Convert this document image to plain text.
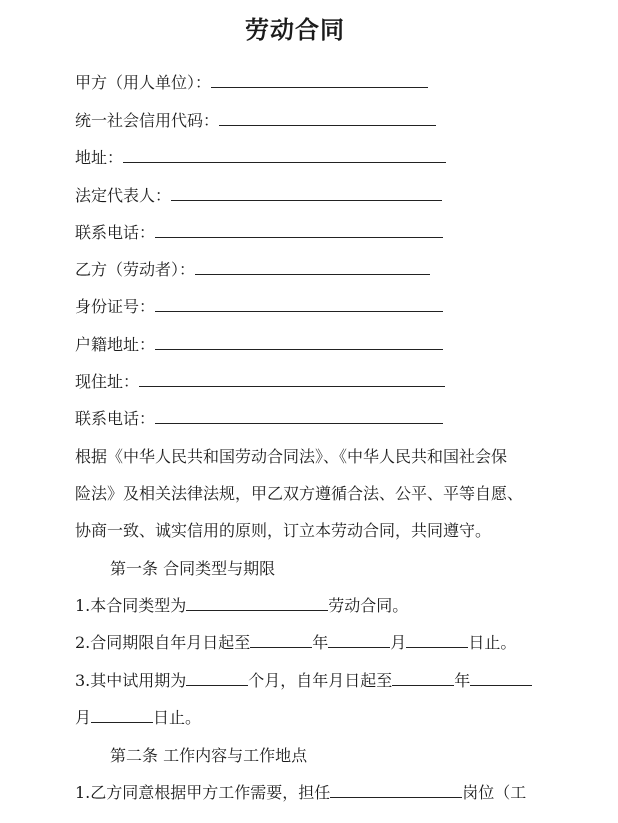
劳动合同
甲方（用人单位）：
统一社会信用代码：
地址：
法定代表人：
联系电话：
乙方（劳动者）：
身份证号：
户籍地址：
现住址：
联系电话：
根据《中华人民共和国劳动合同法》、《中华人民共和国社会保
险法》及相关法律法规，甲乙双方遵循合法、公平、平等自愿、
协商一致、诚实信用的原则，订立本劳动合同，共同遵守。
第一条 合同类型与期限
1.本合同类型为	劳动合同。
2.合同期限自年月日起至	年	月	日止。
3.其中试用期为	个月，自年月日起至	年
月	日止。
第二条 工作内容与工作地点
1.乙方同意根据甲方工作需要，担任	岗位（工
